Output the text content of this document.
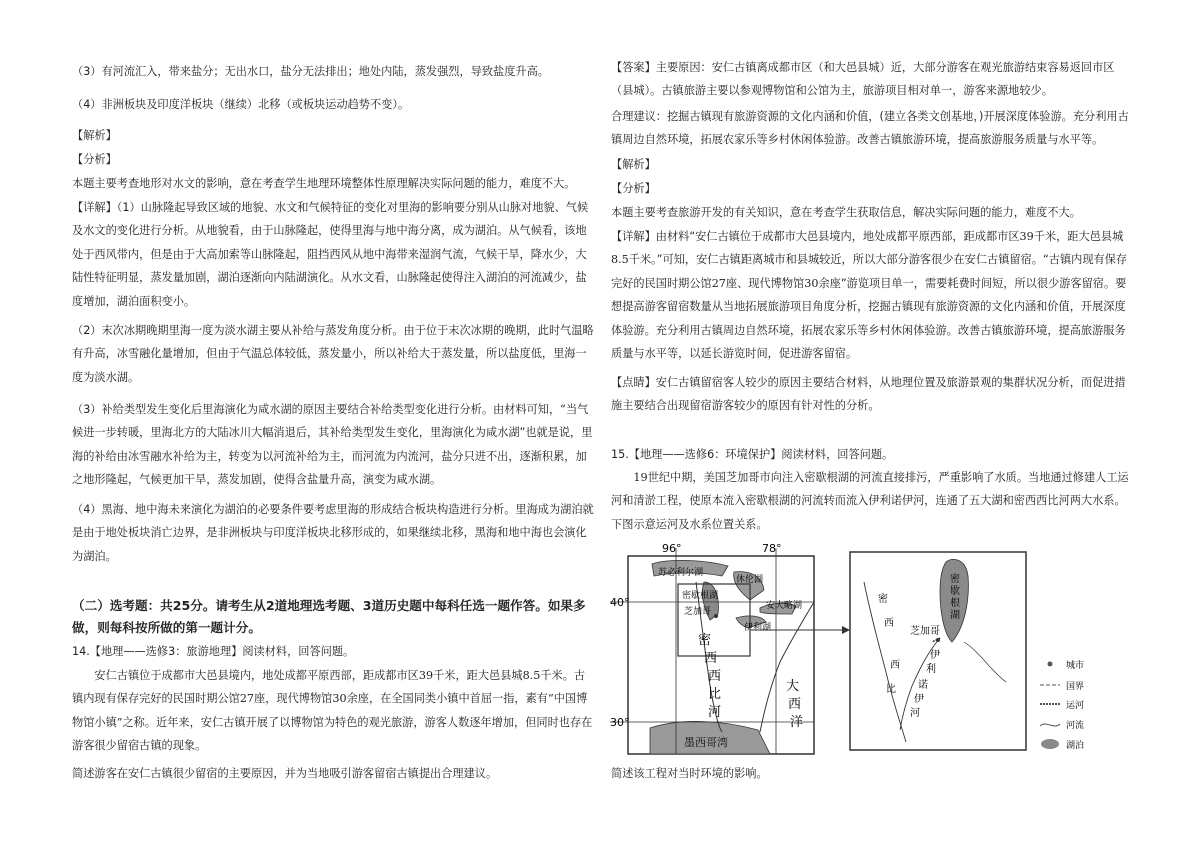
（3）有河流汇入，带来盐分；无出水口，盐分无法排出；地处内陆，蒸发强烈，导致盐度升高。

（4）非洲板块及印度洋板块（继续）北移（或板块运动趋势不变）。

【解析】

【分析】

本题主要考查地形对水文的影响，意在考查学生地理环境整体性原理解决实际问题的能力，难度不大。

【详解】（1）山脉隆起导致区域的地貌、水文和气候特征的变化对里海的影响要分别从山脉对地貌、气候及水文的变化进行分析。从地貌看，由于山脉隆起，使得里海与地中海分离，成为湖泊。从气候看，该地处于西风带内，但是由于大高加索等山脉隆起，阻挡西风从地中海带来湿润气流，气候干旱，降水少，大陆性特征明显，蒸发量加剧，湖泊逐渐向内陆湖演化。从水文看，山脉隆起使得注入湖泊的河流减少，盐度增加，湖泊面积变小。

（2）末次冰期晚期里海一度为淡水湖主要从补给与蒸发角度分析。由于位于末次冰期的晚期，此时气温略有升高，冰雪融化量增加，但由于气温总体较低，蒸发量小，所以补给大于蒸发量，所以盐度低，里海一度为淡水湖。

（3）补给类型发生变化后里海演化为咸水湖的原因主要结合补给类型变化进行分析。由材料可知，“当气候进一步转暖，里海北方的大陆冰川大幅消退后，其补给类型发生变化，里海演化为咸水湖”也就是说，里海的补给由冰雪融水补给为主，转变为以河流补给为主，而河流为内流河，盐分只进不出，逐渐积累，加之地形隆起，气候更加干旱，蒸发加剧，使得含盐量升高，演变为咸水湖。

（4）黑海、地中海未来演化为湖泊的必要条件要考虑里海的形成结合板块构造进行分析。里海成为湖泊就是由于地处板块消亡边界，是非洲板块与印度洋板块北移形成的，如果继续北移，黑海和地中海也会演化为湖泊。

（二）选考题：共25分。请考生从2道地理选考题、3道历史题中每科任选一题作答。如果多做，则每科按所做的第一题计分。

14.【地理——选修3：旅游地理】阅读材料，回答问题。

安仁古镇位于成都市大邑县境内，地处成都平原西部，距成都市区39千米，距大邑县城8.5千米。古镇内现有保存完好的民国时期公馆27座，现代博物馆30余座，在全国同类小镇中首屈一指，素有“中国博物馆小镇”之称。近年来，安仁古镇开展了以博物馆为特色的观光旅游，游客人数逐年增加，但同时也存在游客很少留宿古镇的现象。

简述游客在安仁古镇很少留宿的主要原因，并为当地吸引游客留宿古镇提出合理建议。

【答案】主要原因：安仁古镇离成都市区（和大邑县城）近，大部分游客在观光旅游结束容易返回市区（县城）。古镇旅游主要以参观博物馆和公馆为主，旅游项目相对单一，游客来源地较少。

合理建议：挖掘古镇现有旅游资源的文化内涵和价值，(建立各类文创基地，)开展深度体验游。充分利用古镇周边自然环境，拓展农家乐等乡村休闲体验游。改善古镇旅游环境，提高旅游服务质量与水平等。

【解析】

【分析】

本题主要考查旅游开发的有关知识，意在考查学生获取信息，解决实际问题的能力，难度不大。

【详解】由材料“安仁古镇位于成都市大邑县境内，地处成都平原西部，距成都市区39千米，距大邑县城8.5千米。”可知，安仁古镇距离城市和县城较近，所以大部分游客很少在安仁古镇留宿。“古镇内现有保存完好的民国时期公馆27座、现代博物馆30余座”游览项目单一，需要耗费时间短，所以很少游客留宿。要想提高游客留宿数量从当地拓展旅游项目角度分析，挖掘古镇现有旅游资源的文化内涵和价值，开展深度体验游。充分利用古镇周边自然环境，拓展农家乐等乡村休闲体验游。改善古镇旅游环境，提高旅游服务质量与水平等，以延长游览时间，促进游客留宿。

【点睛】安仁古镇留宿客人较少的原因主要结合材料，从地理位置及旅游景观的集群状况分析，而促进措施主要结合出现留宿游客较少的原因有针对性的分析。

15.【地理——选修6：环境保护】阅读材料，回答问题。

19世纪中期，美国芝加哥市向注入密歇根湖的河流直接排污，严重影响了水质。当地通过修建人工运河和清淤工程，使原本流入密歇根湖的河流转而流入伊利诺伊河，连通了五大湖和密西西比河两大水系。下图示意运河及水系位置关系。

简述该工程对当时环境的影响。

96°	78°
40°
30°
苏必利尔湖
休伦湖
密歇根湖
芝加哥
安大略湖
伊利湖
密
西
西
比
河
大
西
洋
墨西哥湾
密
歇
根
湖
芝加哥
密
西
西
比
伊
利
诺
伊
河
城市
国界
运河
河流
湖泊
